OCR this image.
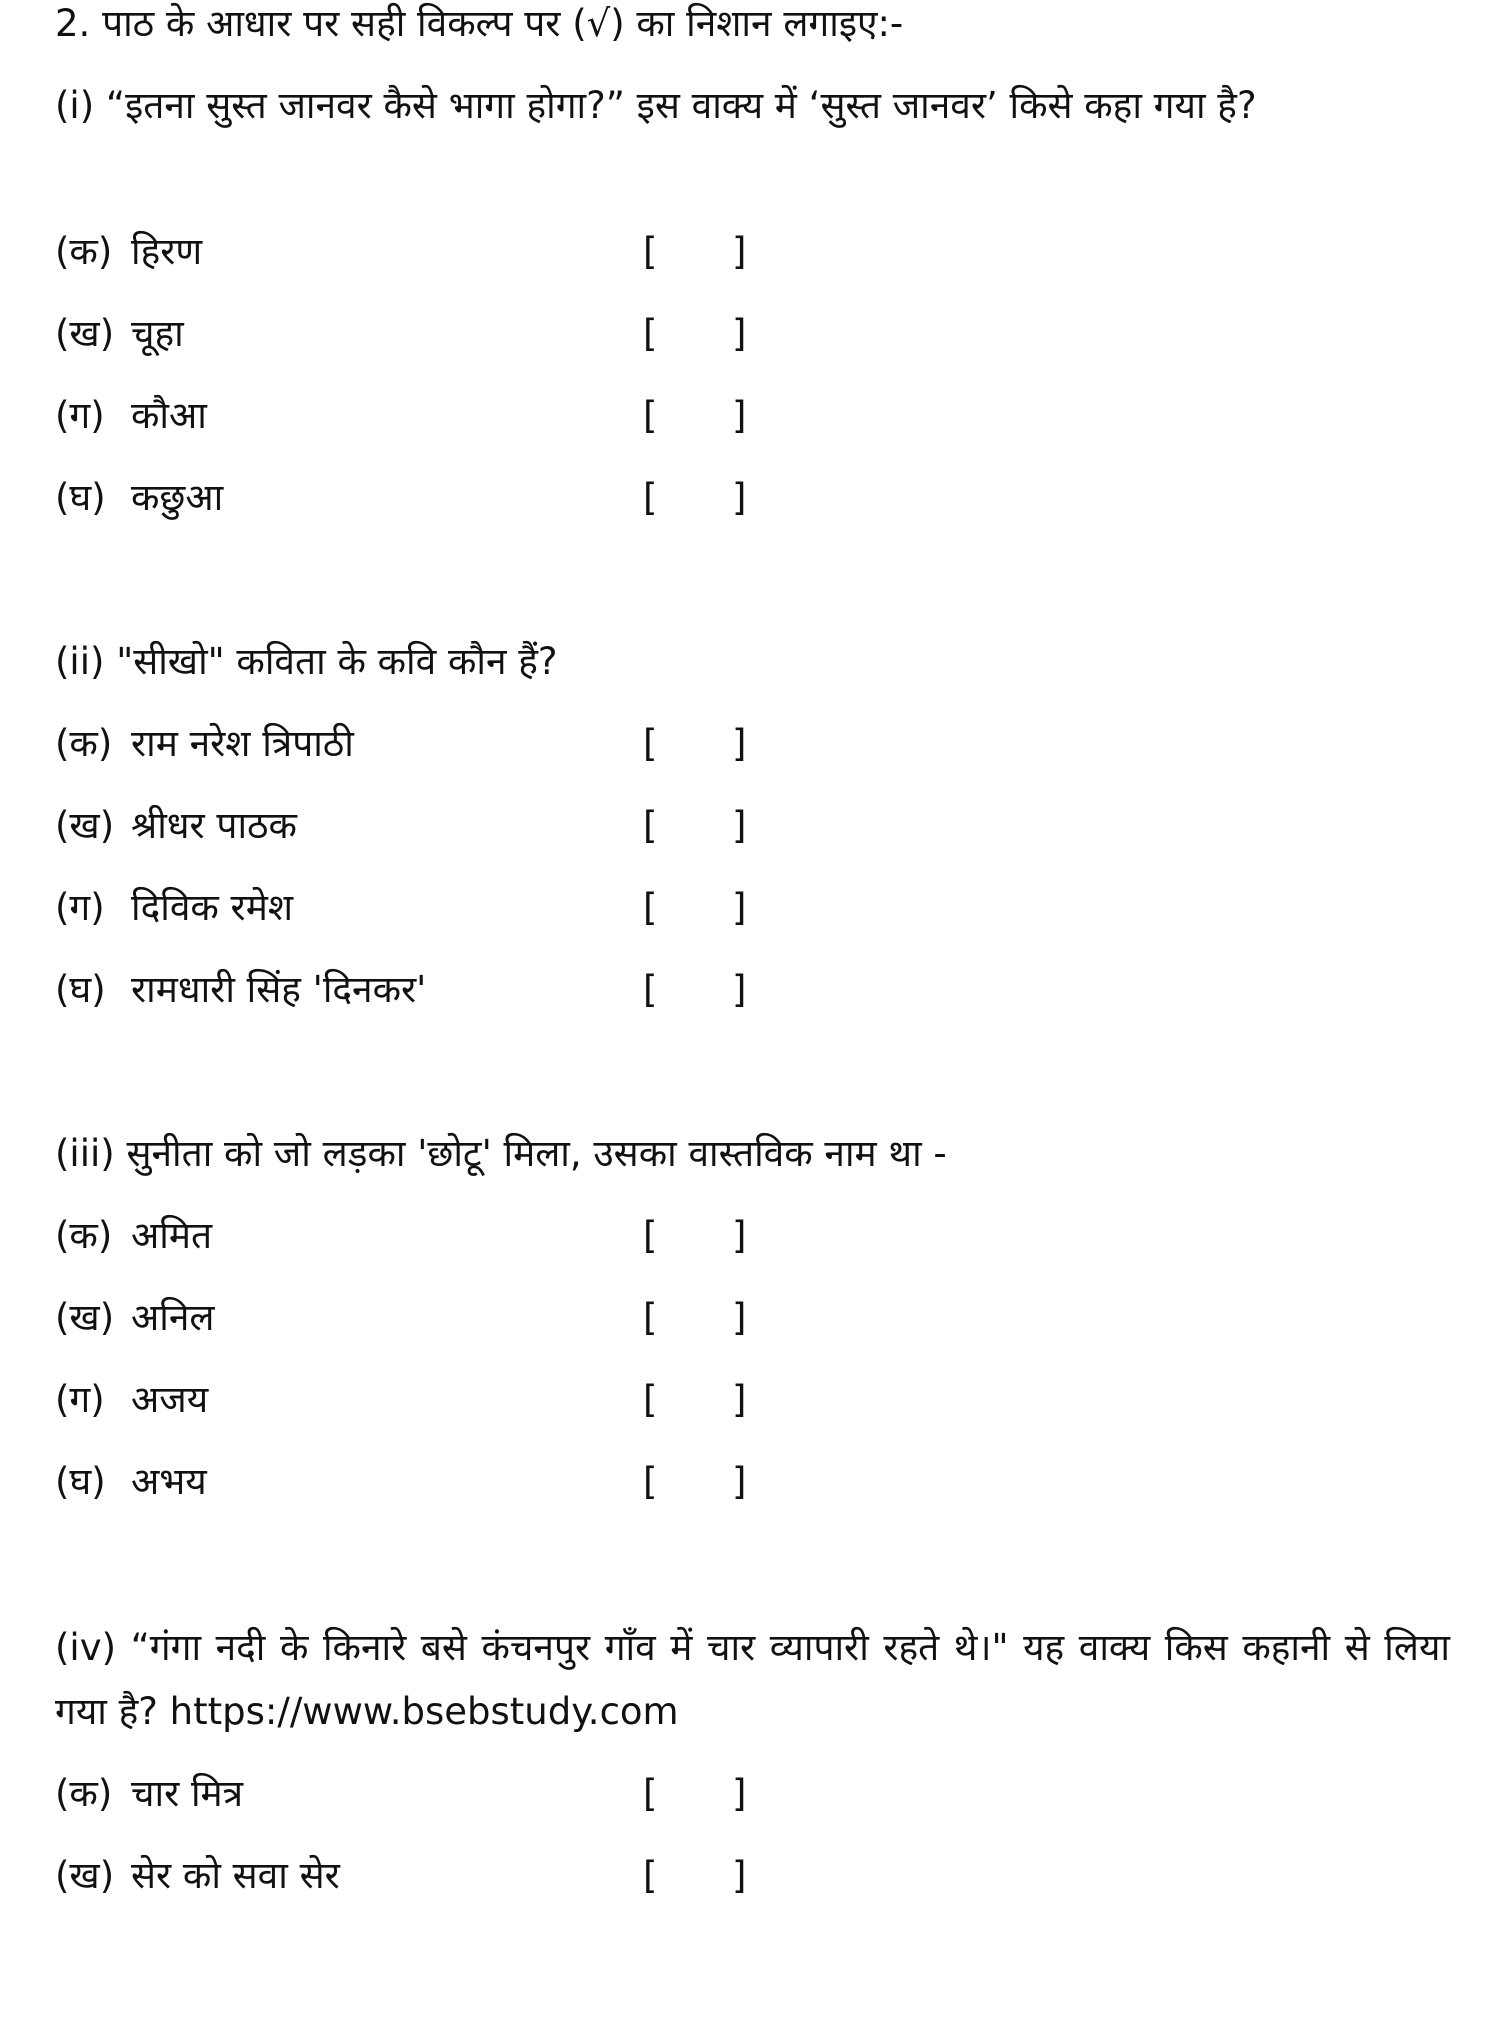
2. पाठ के आधार पर सही विकल्प पर (√) का निशान लगाइए:-
(i) “इतना सुस्त जानवर कैसे भागा होगा?” इस वाक्य में ‘सुस्त जानवर’ किसे कहा गया है?
(क) हिरण	[ ]
(ख) चूहा	[ ]
(ग) कौआ	[ ]
(घ) कछुआ	[ ]
(ii) "सीखो" कविता के कवि कौन हैं?
(क) राम नरेश त्रिपाठी	[ ]
(ख) श्रीधर पाठक	[ ]
(ग) दिविक रमेश	[ ]
(घ) रामधारी सिंह 'दिनकर'	[ ]
(iii) सुनीता को जो लड़का 'छोटू' मिला, उसका वास्तविक नाम था -
(क) अमित	[ ]
(ख) अनिल	[ ]
(ग) अजय	[ ]
(घ) अभय	[ ]
(iv) “गंगा नदी के किनारे बसे कंचनपुर गाँव में चार व्यापारी रहते थे।" यह वाक्य किस कहानी से लिया गया है? https://www.bsebstudy.com
(क) चार मित्र	[ ]
(ख) सेर को सवा सेर	[ ]
